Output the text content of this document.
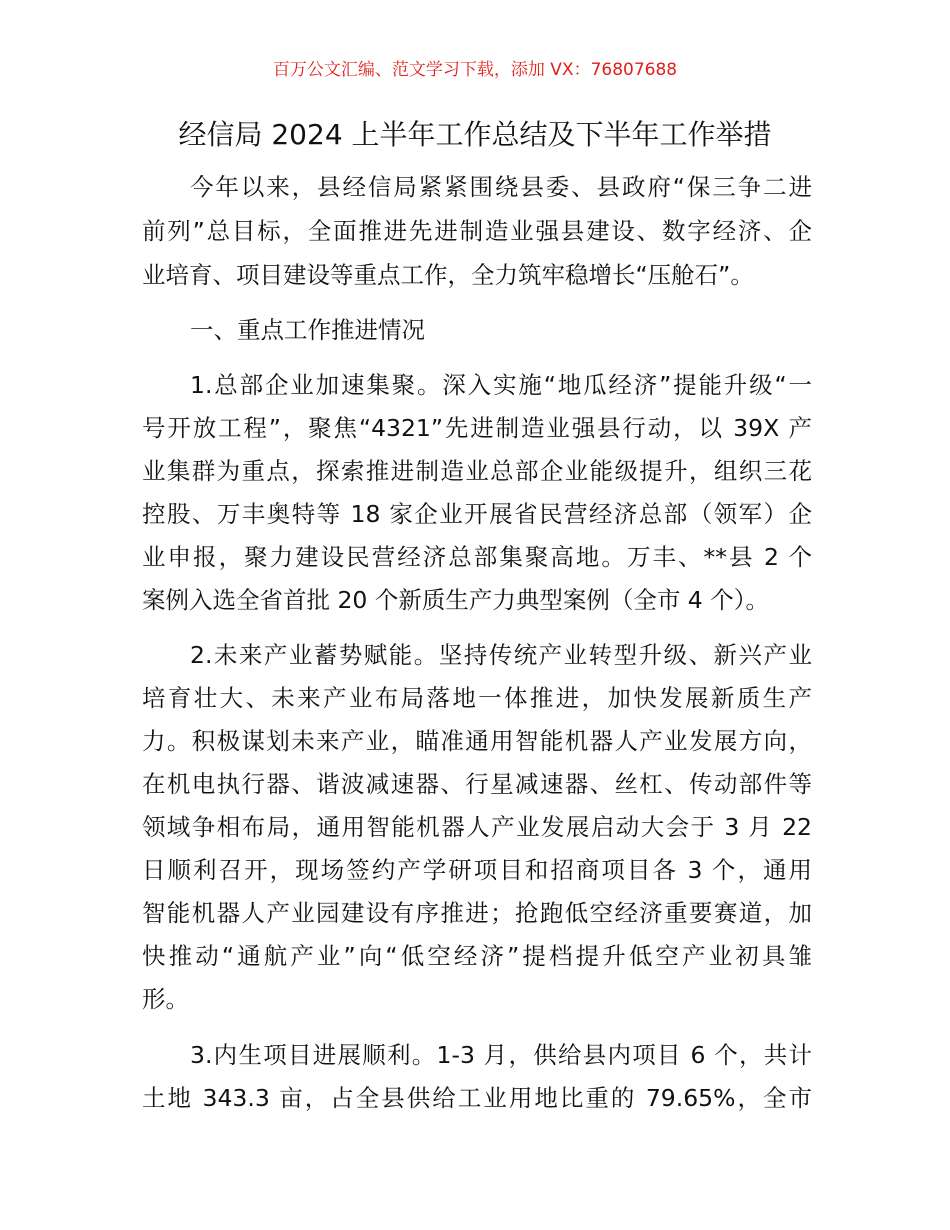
百万公文汇编、范文学习下载，添加 VX：76807688
经信局 2024 上半年工作总结及下半年工作举措
今年以来，县经信局紧紧围绕县委、县政府“保三争二进
前列”总目标，全面推进先进制造业强县建设、数字经济、企
业培育、项目建设等重点工作，全力筑牢稳增长“压舱石”。
一、重点工作推进情况
1.总部企业加速集聚。深入实施“地瓜经济”提能升级“一
号开放工程”，聚焦“4321”先进制造业强县行动，以 39X 产
业集群为重点，探索推进制造业总部企业能级提升，组织三花
控股、万丰奥特等 18 家企业开展省民营经济总部（领军）企
业申报，聚力建设民营经济总部集聚高地。万丰、**县 2 个
案例入选全省首批 20 个新质生产力典型案例（全市 4 个）。
2.未来产业蓄势赋能。坚持传统产业转型升级、新兴产业
培育壮大、未来产业布局落地一体推进，加快发展新质生产
力。积极谋划未来产业，瞄准通用智能机器人产业发展方向，
在机电执行器、谐波减速器、行星减速器、丝杠、传动部件等
领域争相布局，通用智能机器人产业发展启动大会于 3 月 22
日顺利召开，现场签约产学研项目和招商项目各 3 个，通用
智能机器人产业园建设有序推进；抢跑低空经济重要赛道，加
快推动“通航产业”向“低空经济”提档提升低空产业初具雏
形。
3.内生项目进展顺利。1-3 月，供给县内项目 6 个，共计
土地 343.3 亩，占全县供给工业用地比重的 79.65%，全市
